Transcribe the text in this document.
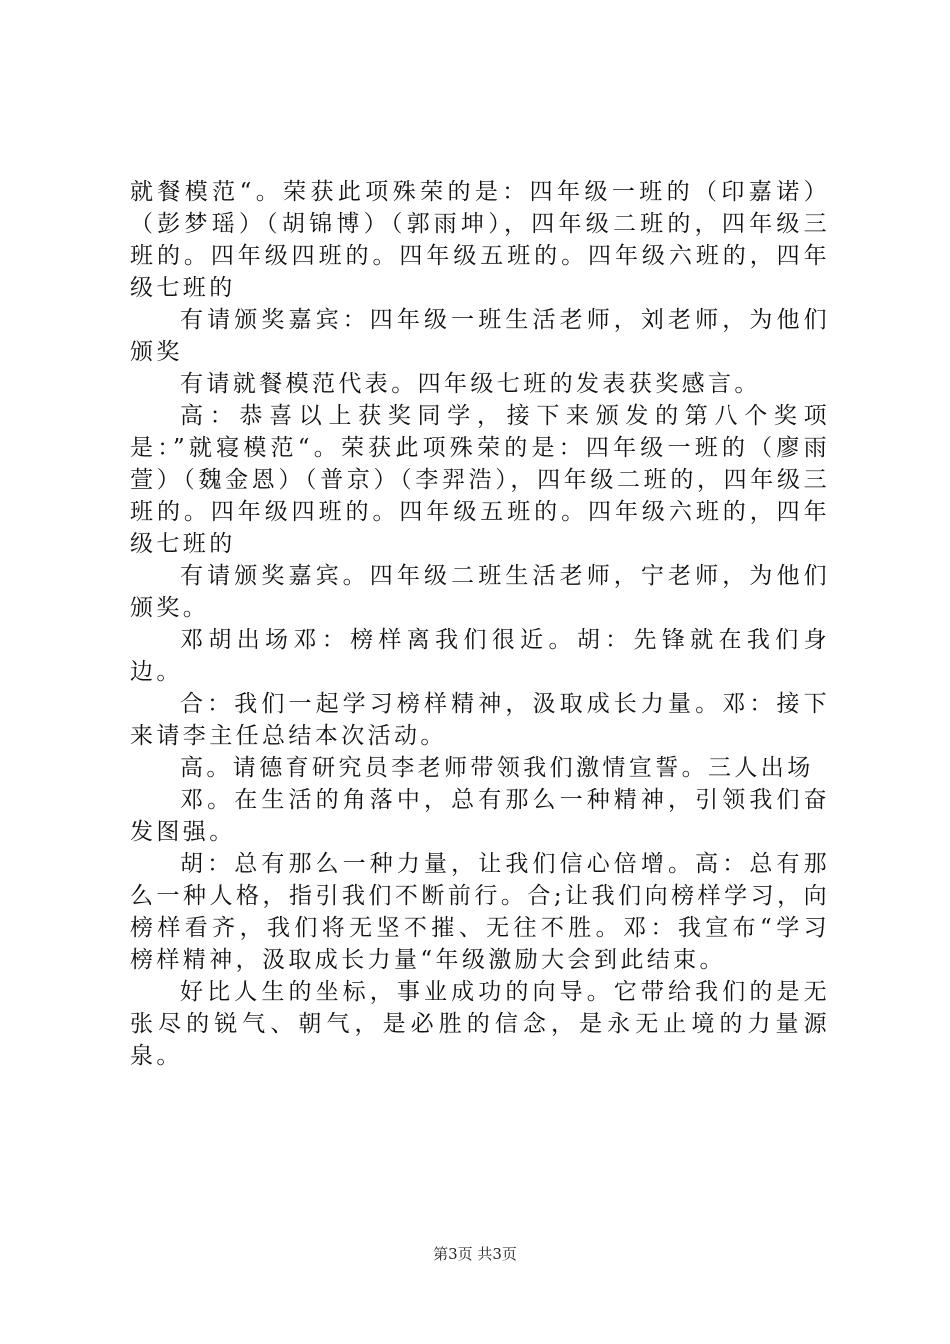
就餐模范“。荣获此项殊荣的是：四年级一班的（印嘉诺）（彭梦瑶）（胡锦博）（郭雨坤），四年级二班的，四年级三班的。四年级四班的。四年级五班的。四年级六班的，四年级七班的

有请颁奖嘉宾：四年级一班生活老师，刘老师，为他们颁奖

有请就餐模范代表。四年级七班的发表获奖感言。

高：恭喜以上获奖同学，接下来颁发的第八个奖项是：”就寝模范“。荣获此项殊荣的是：四年级一班的（廖雨萱）（魏金恩）（普京）（李羿浩），四年级二班的，四年级三班的。四年级四班的。四年级五班的。四年级六班的，四年级七班的

有请颁奖嘉宾。四年级二班生活老师，宁老师，为他们颁奖。

邓胡出场邓：榜样离我们很近。胡：先锋就在我们身边。

合：我们一起学习榜样精神，汲取成长力量。邓：接下来请李主任总结本次活动。

高。请德育研究员李老师带领我们激情宣誓。三人出场

邓。在生活的角落中，总有那么一种精神，引领我们奋发图强。

胡：总有那么一种力量，让我们信心倍增。高：总有那么一种人格，指引我们不断前行。合;让我们向榜样学习，向榜样看齐，我们将无坚不摧、无往不胜。邓：我宣布“学习榜样精神，汲取成长力量“年级激励大会到此结束。

好比人生的坐标，事业成功的向导。它带给我们的是无张尽的锐气、朝气，是必胜的信念，是永无止境的力量源泉。

第3页 共3页
